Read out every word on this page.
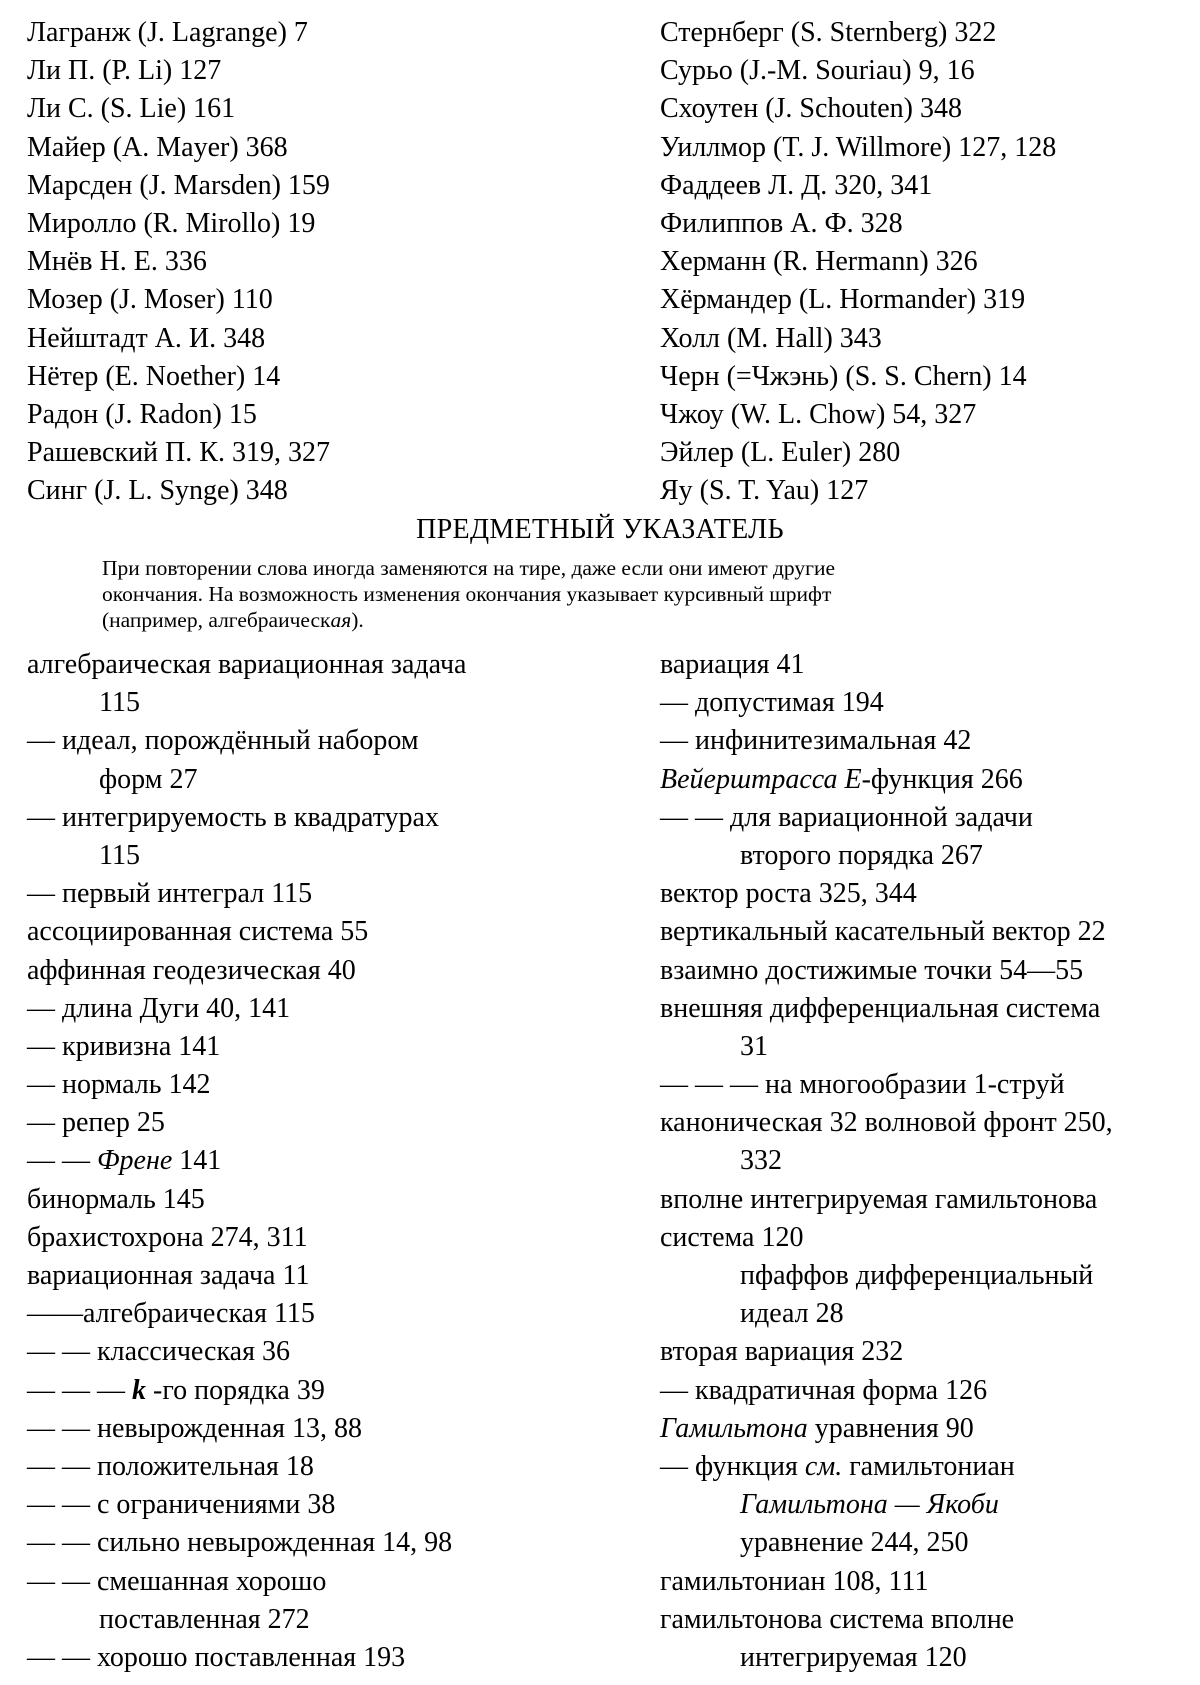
Лагранж (J. Lagrange) 7
Ли П. (P. Li) 127
Ли С. (S. Lie) 161
Майер (A. Mayer) 368
Марсден (J. Marsden) 159
Миролло (R. Mirollo) 19
Мнёв Н. Е. 336
Мозер (J. Moser) 110
Нейштадт А. И. 348
Нётер (E. Noether) 14
Радон (J. Radon) 15
Рашевский П. К. 319, 327
Синг (J. L. Synge) 348
Стернберг (S. Sternberg) 322
Сурьо (J.-M. Souriau) 9, 16
Схоутен (J. Schouten) 348
Уиллмор (T. J. Willmore) 127, 128
Фаддеев Л. Д. 320, 341
Филиппов А. Ф. 328
Херманн (R. Hermann) 326
Хёрмандер (L. Hormander) 319
Холл (M. Hall) 343
Черн (=Чжэнь) (S. S. Chern) 14
Чжоу (W. L. Chow) 54, 327
Эйлер (L. Euler) 280
Яу (S. T. Yau) 127
ПРЕДМЕТНЫЙ УКАЗАТЕЛЬ
При повторении слова иногда заменяются на тире, даже если они имеют другие
окончания. На возможность изменения окончания указывает курсивный шрифт
(например, алгебраическая).
алгебраическая вариационная задача
115
— идеал, порождённый набором
форм 27
— интегрируемость в квадратурах
115
— первый интеграл 115
ассоциированная система 55
аффинная геодезическая 40
— длина Дуги 40, 141
— кривизна 141
— нормаль 142
— репер 25
— — Френе 141
бинормаль 145
брахистохрона 274, 311
вариационная задача 11
——алгебраическая 115
— — классическая 36
— — — k -го порядка 39
— — невырожденная 13, 88
— — положительная 18
— — с ограничениями 38
— — сильно невырожденная 14, 98
— — смешанная хорошо
поставленная 272
— — хорошо поставленная 193
вариация 41
— допустимая 194
— инфинитезимальная 42
Вейерштрасса Е-функция 266
— — для вариационной задачи
второго порядка 267
вектор роста 325, 344
вертикальный касательный вектор 22
взаимно достижимые точки 54—55
внешняя дифференциальная система
31
— — — на многообразии 1-струй
каноническая 32 волновой фронт 250,
332
вполне интегрируемая гамильтонова
система 120
пфаффов дифференциальный
идеал 28
вторая вариация 232
— квадратичная форма 126
Гамильтона уравнения 90
— функция см. гамильтониан
Гамильтона — Якоби
уравнение 244, 250
гамильтониан 108, 111
гамильтонова система вполне
интегрируемая 120
